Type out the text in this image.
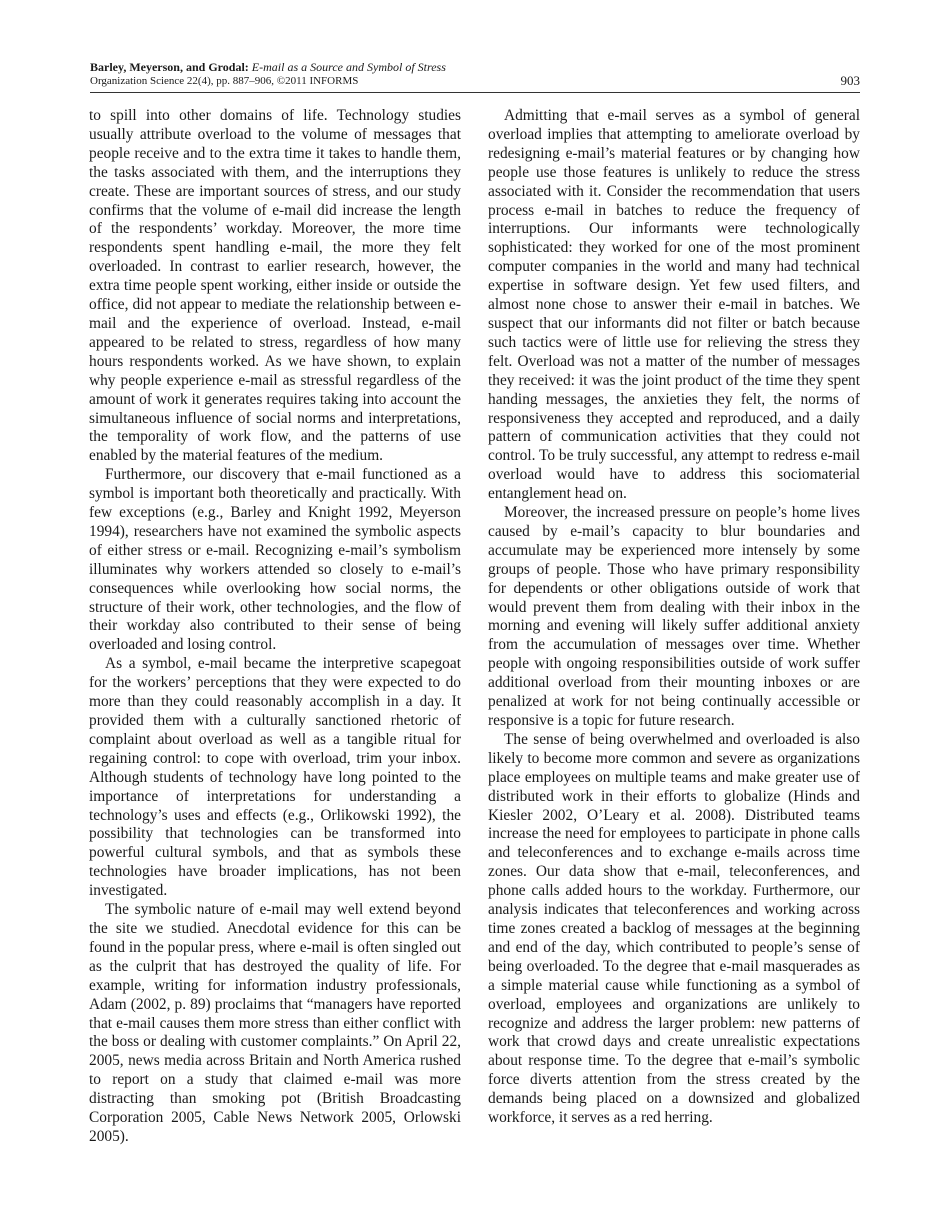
Barley, Meyerson, and Grodal: E-mail as a Source and Symbol of Stress
Organization Science 22(4), pp. 887–906, ©2011 INFORMS	903

to spill into other domains of life. Technology studies usually attribute overload to the volume of messages that people receive and to the extra time it takes to handle them, the tasks associated with them, and the interruptions they create. These are important sources of stress, and our study confirms that the volume of e-mail did increase the length of the respondents’ workday. Moreover, the more time respondents spent handling e-mail, the more they felt overloaded. In contrast to earlier research, however, the extra time people spent working, either inside or outside the office, did not appear to mediate the relationship between e-mail and the experience of overload. Instead, e-mail appeared to be related to stress, regardless of how many hours respondents worked. As we have shown, to explain why people experience e-mail as stressful regardless of the amount of work it generates requires taking into account the simultaneous influence of social norms and interpretations, the temporality of work flow, and the patterns of use enabled by the material features of the medium.

Furthermore, our discovery that e-mail functioned as a symbol is important both theoretically and practically. With few exceptions (e.g., Barley and Knight 1992, Meyerson 1994), researchers have not examined the symbolic aspects of either stress or e-mail. Recognizing e-mail’s symbolism illuminates why workers attended so closely to e-mail’s consequences while overlooking how social norms, the structure of their work, other technologies, and the flow of their workday also contributed to their sense of being overloaded and losing control.

As a symbol, e-mail became the interpretive scapegoat for the workers’ perceptions that they were expected to do more than they could reasonably accomplish in a day. It provided them with a culturally sanctioned rhetoric of complaint about overload as well as a tangible ritual for regaining control: to cope with overload, trim your inbox. Although students of technology have long pointed to the importance of interpretations for understanding a technology’s uses and effects (e.g., Orlikowski 1992), the possibility that technologies can be transformed into powerful cultural symbols, and that as symbols these technologies have broader implications, has not been investigated.

The symbolic nature of e-mail may well extend beyond the site we studied. Anecdotal evidence for this can be found in the popular press, where e-mail is often singled out as the culprit that has destroyed the quality of life. For example, writing for information industry professionals, Adam (2002, p. 89) proclaims that “managers have reported that e-mail causes them more stress than either conflict with the boss or dealing with customer complaints.” On April 22, 2005, news media across Britain and North America rushed to report on a study that claimed e-mail was more distracting than smoking pot (British Broadcasting Corporation 2005, Cable News Network 2005, Orlowski 2005).

Admitting that e-mail serves as a symbol of general overload implies that attempting to ameliorate overload by redesigning e-mail’s material features or by changing how people use those features is unlikely to reduce the stress associated with it. Consider the recommendation that users process e-mail in batches to reduce the frequency of interruptions. Our informants were technologically sophisticated: they worked for one of the most prominent computer companies in the world and many had technical expertise in software design. Yet few used filters, and almost none chose to answer their e-mail in batches. We suspect that our informants did not filter or batch because such tactics were of little use for relieving the stress they felt. Overload was not a matter of the number of messages they received: it was the joint product of the time they spent handing messages, the anxieties they felt, the norms of responsiveness they accepted and reproduced, and a daily pattern of communication activities that they could not control. To be truly successful, any attempt to redress e-mail overload would have to address this sociomaterial entanglement head on.

Moreover, the increased pressure on people’s home lives caused by e-mail’s capacity to blur boundaries and accumulate may be experienced more intensely by some groups of people. Those who have primary responsibility for dependents or other obligations outside of work that would prevent them from dealing with their inbox in the morning and evening will likely suffer additional anxiety from the accumulation of messages over time. Whether people with ongoing responsibilities outside of work suffer additional overload from their mounting inboxes or are penalized at work for not being continually accessible or responsive is a topic for future research.

The sense of being overwhelmed and overloaded is also likely to become more common and severe as organizations place employees on multiple teams and make greater use of distributed work in their efforts to globalize (Hinds and Kiesler 2002, O’Leary et al. 2008). Distributed teams increase the need for employees to participate in phone calls and teleconferences and to exchange e-mails across time zones. Our data show that e-mail, teleconferences, and phone calls added hours to the workday. Furthermore, our analysis indicates that teleconferences and working across time zones created a backlog of messages at the beginning and end of the day, which contributed to people’s sense of being overloaded. To the degree that e-mail masquerades as a simple material cause while functioning as a symbol of overload, employees and organizations are unlikely to recognize and address the larger problem: new patterns of work that crowd days and create unrealistic expectations about response time. To the degree that e-mail’s symbolic force diverts attention from the stress created by the demands being placed on a downsized and globalized workforce, it serves as a red herring.
